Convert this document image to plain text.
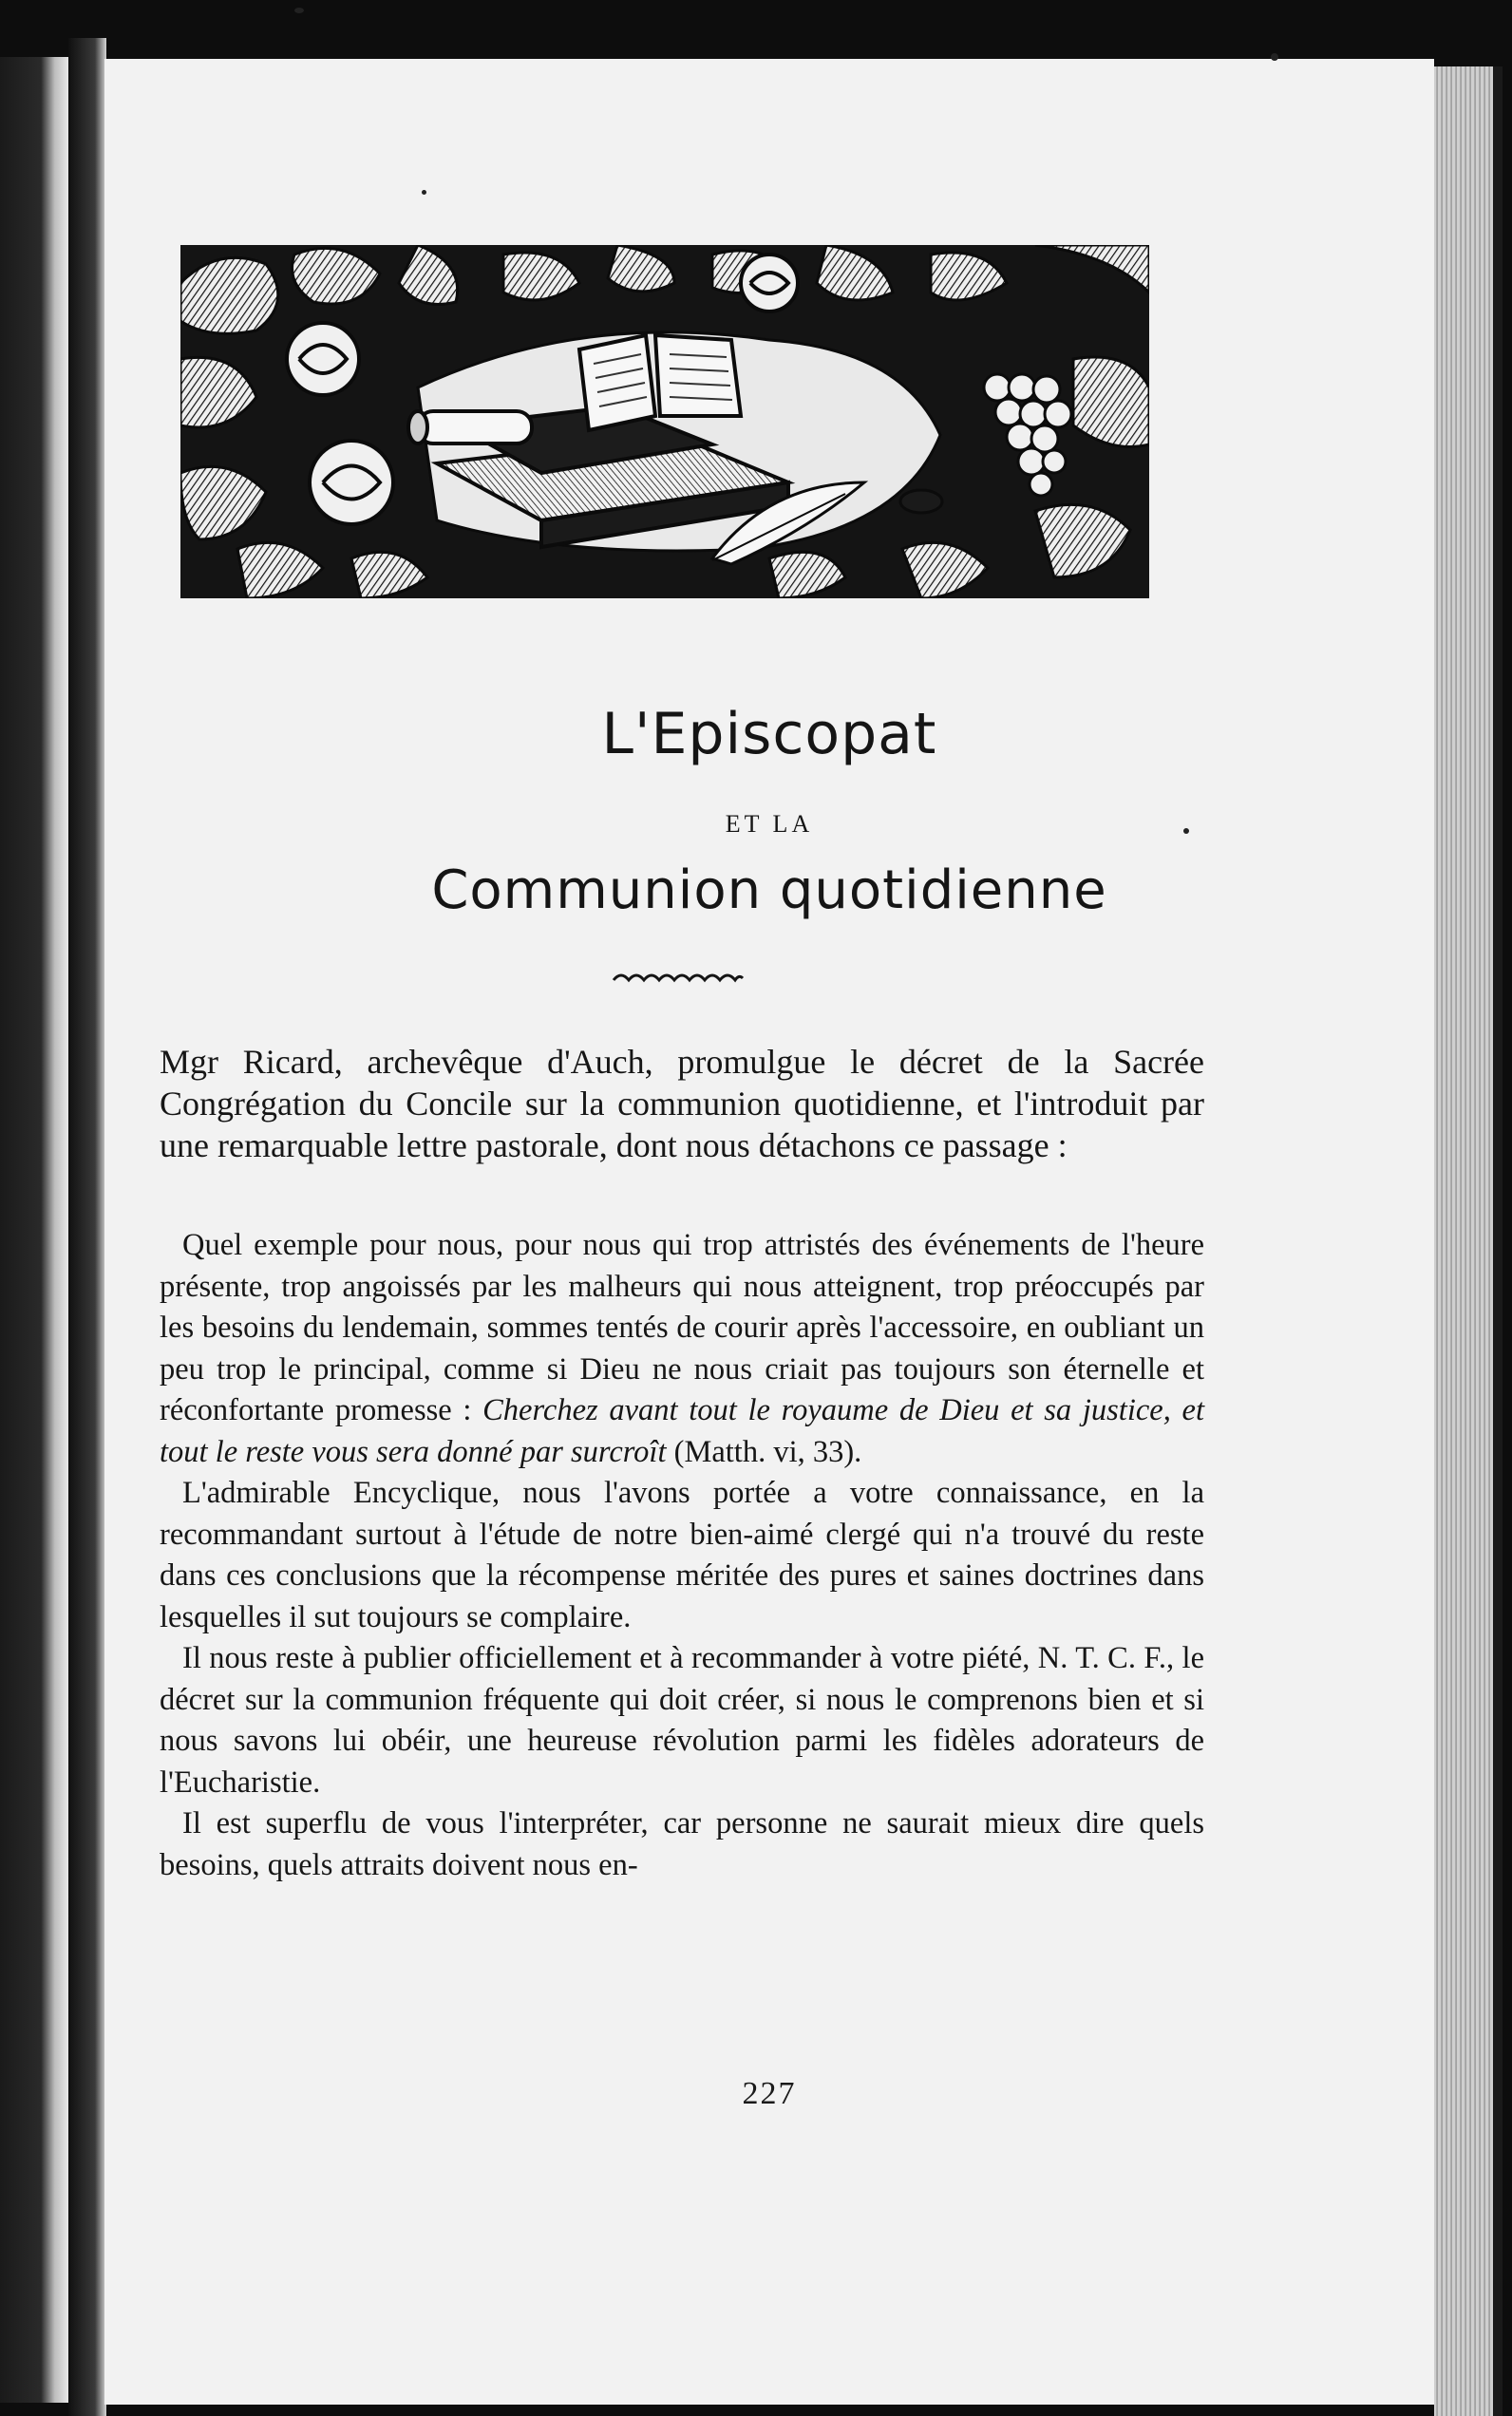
L'Episcopat
ET LA
Communion quotidienne

Mgr Ricard, archevêque d'Auch, promulgue le décret de la Sacrée Congrégation du Concile sur la communion quotidienne, et l'introduit par une remarquable lettre pastorale, dont nous détachons ce passage :

Quel exemple pour nous, pour nous qui trop attristés des événements de l'heure présente, trop angoissés par les malheurs qui nous atteignent, trop préoccupés par les besoins du lendemain, sommes tentés de courir après l'accessoire, en oubliant un peu trop le principal, comme si Dieu ne nous criait pas toujours son éternelle et réconfortante promesse : Cherchez avant tout le royaume de Dieu et sa justice, et tout le reste vous sera donné par surcroît (Matth. vi, 33).

L'admirable Encyclique, nous l'avons portée a votre connaissance, en la recommandant surtout à l'étude de notre bien-aimé clergé qui n'a trouvé du reste dans ces conclusions que la récompense méritée des pures et saines doctrines dans lesquelles il sut toujours se complaire.

Il nous reste à publier officiellement et à recommander à votre piété, N. T. C. F., le décret sur la communion fréquente qui doit créer, si nous le comprenons bien et si nous savons lui obéir, une heureuse révolution parmi les fidèles adorateurs de l'Eucharistie.

Il est superflu de vous l'interpréter, car personne ne saurait mieux dire quels besoins, quels attraits doivent nous en-

227
